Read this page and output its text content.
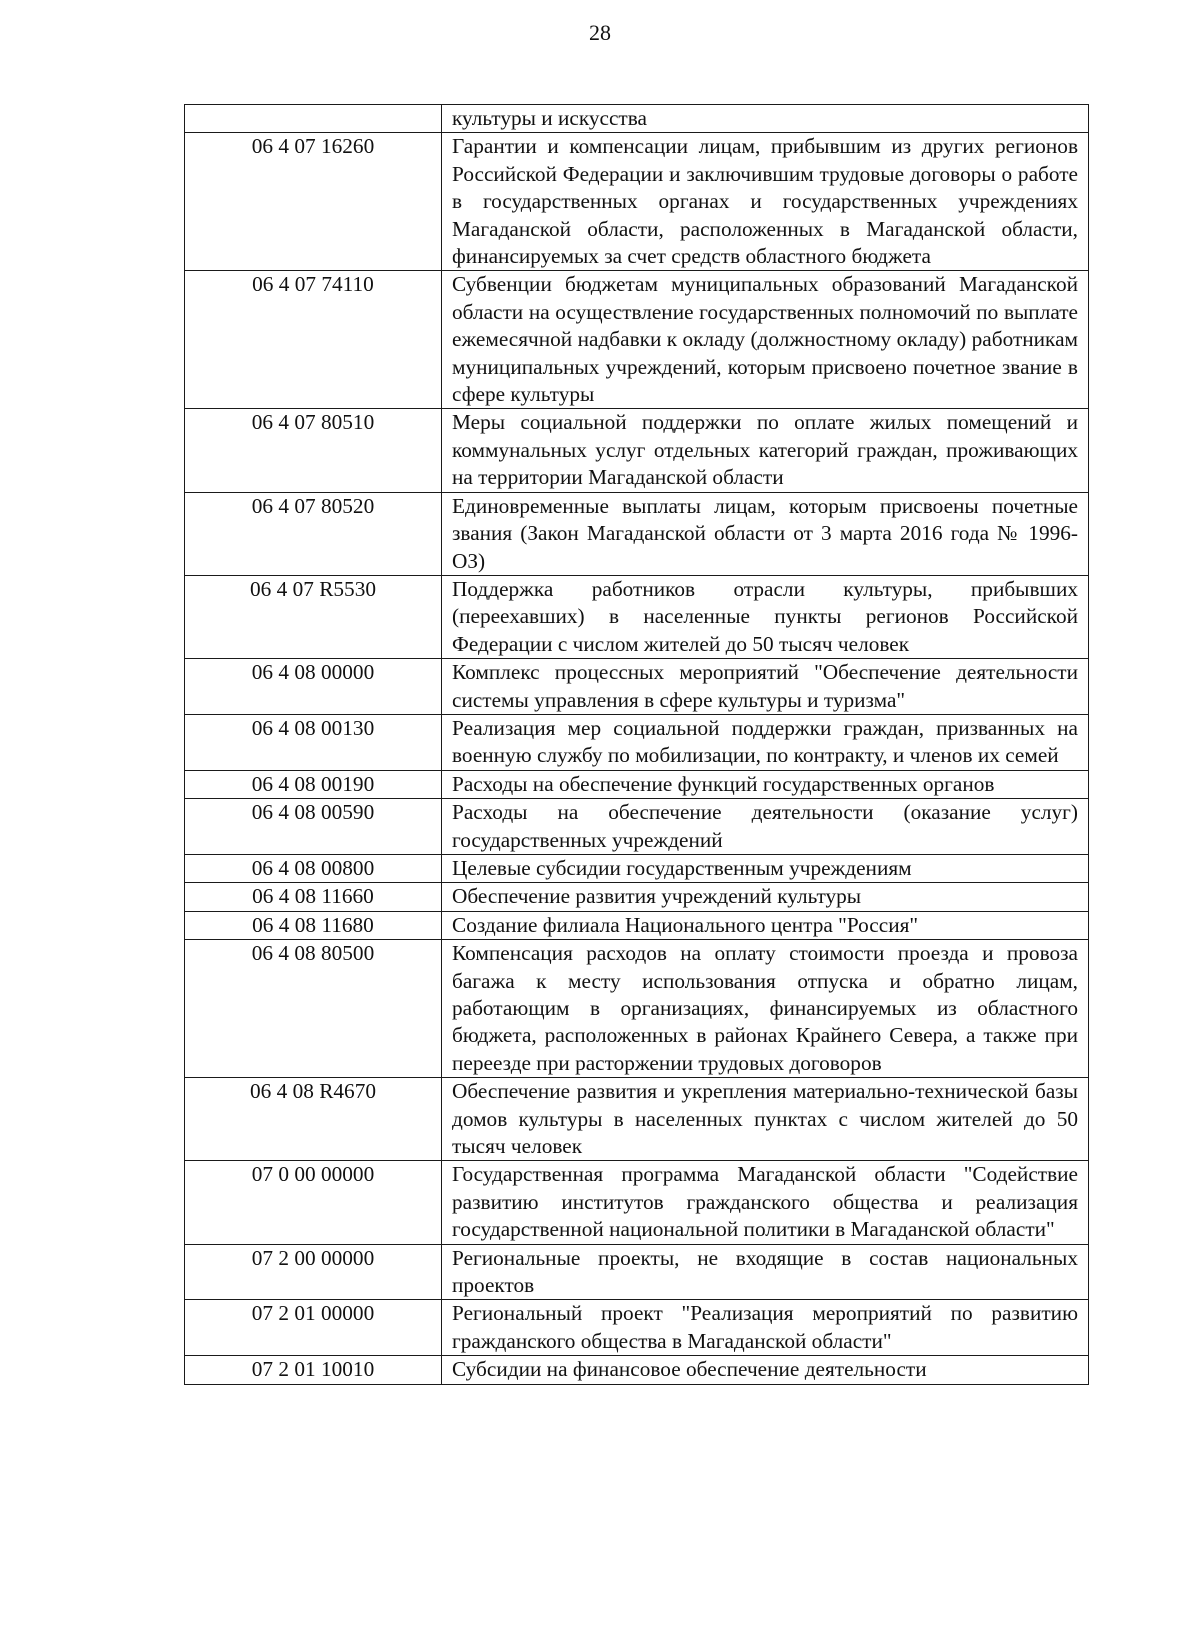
28
	культуры и искусства
06 4 07 16260	Гарантии и компенсации лицам, прибывшим из других регионов Российской Федерации и заключившим трудовые договоры о работе в государственных органах и государственных учреждениях Магаданской области, расположенных в Магаданской области, финансируемых за счет средств областного бюджета
06 4 07 74110	Субвенции бюджетам муниципальных образований Магаданской области на осуществление государственных полномочий по выплате ежемесячной надбавки к окладу (должностному окладу) работникам муниципальных учреждений, которым присвоено почетное звание в сфере культуры
06 4 07 80510	Меры социальной поддержки по оплате жилых помещений и коммунальных услуг отдельных категорий граждан, проживающих на территории Магаданской области
06 4 07 80520	Единовременные выплаты лицам, которым присвоены почетные звания (Закон Магаданской области от 3 марта 2016 года № 1996-ОЗ)
06 4 07 R5530	Поддержка работников отрасли культуры, прибывших (переехавших) в населенные пункты регионов Российской Федерации с числом жителей до 50 тысяч человек
06 4 08 00000	Комплекс процессных мероприятий "Обеспечение деятельности системы управления в сфере культуры и туризма"
06 4 08 00130	Реализация мер социальной поддержки граждан, призванных на военную службу по мобилизации, по контракту, и членов их семей
06 4 08 00190	Расходы на обеспечение функций государственных органов
06 4 08 00590	Расходы на обеспечение деятельности (оказание услуг) государственных учреждений
06 4 08 00800	Целевые субсидии государственным учреждениям
06 4 08 11660	Обеспечение развития учреждений культуры
06 4 08 11680	Создание филиала Национального центра "Россия"
06 4 08 80500	Компенсация расходов на оплату стоимости проезда и провоза багажа к месту использования отпуска и обратно лицам, работающим в организациях, финансируемых из областного бюджета, расположенных в районах Крайнего Севера, а также при переезде при расторжении трудовых договоров
06 4 08 R4670	Обеспечение развития и укрепления материально-технической базы домов культуры в населенных пунктах с числом жителей до 50 тысяч человек
07 0 00 00000	Государственная программа Магаданской области "Содействие развитию институтов гражданского общества и реализация государственной национальной политики в Магаданской области"
07 2 00 00000	Региональные проекты, не входящие в состав национальных проектов
07 2 01 00000	Региональный проект "Реализация мероприятий по развитию гражданского общества в Магаданской области"
07 2 01 10010	Субсидии на финансовое обеспечение деятельности
